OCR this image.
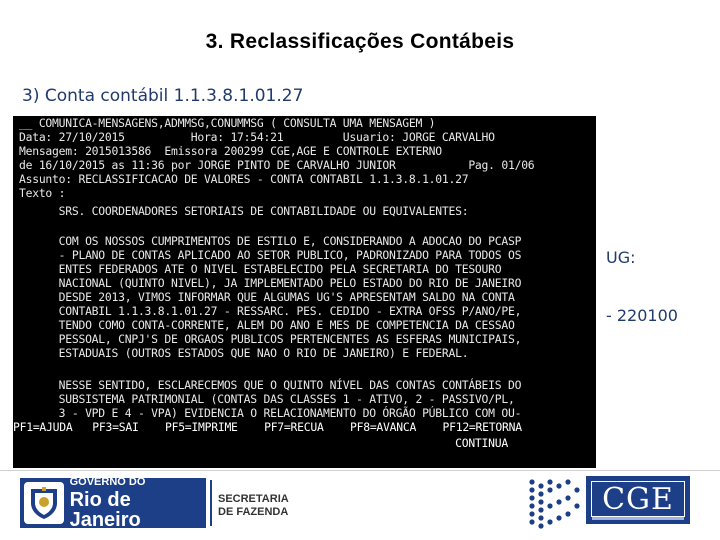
3. Reclassificações Contábeis
3) Conta contábil 1.1.3.8.1.01.27
__ COMUNICA-MENSAGENS,ADMMSG,CONUMMSG ( CONSULTA UMA MENSAGEM )
Data: 27/10/2015          Hora: 17:54:21         Usuario: JORGE CARVALHO
Mensagem: 2015013586  Emissora 200299 CGE,AGE E CONTROLE EXTERNO
de 16/10/2015 as 11:36 por JORGE PINTO DE CARVALHO JUNIOR           Pag. 01/06
Assunto: RECLASSIFICACAO DE VALORES - CONTA CONTABIL 1.1.3.8.1.01.27
Texto :
SRS. COORDENADORES SETORIAIS DE CONTABILIDADE OU EQUIVALENTES:
COM OS NOSSOS CUMPRIMENTOS DE ESTILO E, CONSIDERANDO A ADOCAO DO PCASP
- PLANO DE CONTAS APLICADO AO SETOR PUBLICO, PADRONIZADO PARA TODOS OS
ENTES FEDERADOS ATE O NIVEL ESTABELECIDO PELA SECRETARIA DO TESOURO
NACIONAL (QUINTO NIVEL), JA IMPLEMENTADO PELO ESTADO DO RIO DE JANEIRO
DESDE 2013, VIMOS INFORMAR QUE ALGUMAS UG'S APRESENTAM SALDO NA CONTA
CONTABIL 1.1.3.8.1.01.27 - RESSARC. PES. CEDIDO - EXTRA OFSS P/ANO/PE,
TENDO COMO CONTA-CORRENTE, ALEM DO ANO E MES DE COMPETENCIA DA CESSAO
PESSOAL, CNPJ'S DE ORGAOS PUBLICOS PERTENCENTES AS ESFERAS MUNICIPAIS,
ESTADUAIS (OUTROS ESTADOS QUE NAO O RIO DE JANEIRO) E FEDERAL.
NESSE SENTIDO, ESCLARECEMOS QUE O QUINTO NÍVEL DAS CONTAS CONTÁBEIS DO
SUBSISTEMA PATRIMONIAL (CONTAS DAS CLASSES 1 - ATIVO, 2 - PASSIVO/PL,
3 - VPD E 4 - VPA) EVIDENCIA O RELACIONAMENTO DO ÓRGÃO PÚBLICO COM OU-
PF1=AJUDA   PF3=SAI    PF5=IMPRIME    PF7=RECUA    PF8=AVANCA    PF12=RETORNA
CONTINUA
UG:
- 220100
GOVERNO DO
Rio de Janeiro
SECRETARIA
DE FAZENDA	CGE
